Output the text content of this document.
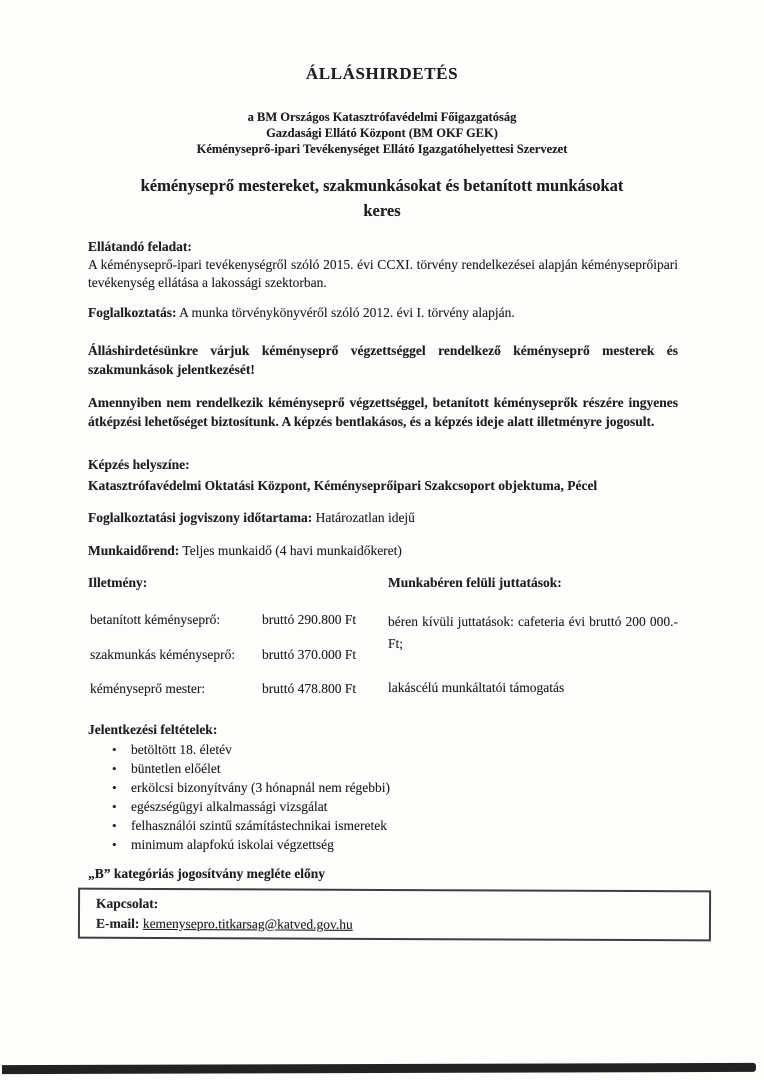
ÁLLÁSHIRDETÉS
a BM Országos Katasztrófavédelmi Főigazgatóság
Gazdasági Ellátó Központ (BM OKF GEK)
Kéményseprő-ipari Tevékenységet Ellátó Igazgatóhelyettesi Szervezet
kéményseprő mestereket, szakmunkásokat és betanított munkásokat
keres
Ellátandó feladat:
A kéményseprő-ipari tevékenységről szóló 2015. évi CCXI. törvény rendelkezései alapján kéményseprőipari tevékenység ellátása a lakossági szektorban.
Foglalkoztatás: A munka törvénykönyvéről szóló 2012. évi I. törvény alapján.
Álláshirdetésünkre várjuk kéményseprő végzettséggel rendelkező kéményseprő mesterek és szakmunkások jelentkezését!
Amennyiben nem rendelkezik kéményseprő végzettséggel, betanított kéményseprők részére ingyenes átképzési lehetőséget biztosítunk. A képzés bentlakásos, és a képzés ideje alatt illetményre jogosult.
Képzés helyszíne:
Katasztrófavédelmi Oktatási Központ, Kéményseprőipari Szakcsoport objektuma, Pécel
Foglalkoztatási jogviszony időtartama: Határozatlan idejű
Munkaidőrend: Teljes munkaidő (4 havi munkaidőkeret)
Illetmény:
betanított kéményseprő:	bruttó 290.800 Ft
szakmunkás kéményseprő:	bruttó 370.000 Ft
kéményseprő mester:	bruttó 478.800 Ft
Munkabéren felüli juttatások:
béren kívüli juttatások: cafeteria évi bruttó 200 000.- Ft;
lakáscélú munkáltatói támogatás
Jelentkezési feltételek:
• betöltött 18. életév
• büntetlen előélet
• erkölcsi bizonyítvány (3 hónapnál nem régebbi)
• egészségügyi alkalmassági vizsgálat
• felhasználói szintű számítástechnikai ismeretek
• minimum alapfokú iskolai végzettség
„B” kategóriás jogosítvány megléte előny
Kapcsolat:
E-mail: kemenysepro.titkarsag@katved.gov.hu
